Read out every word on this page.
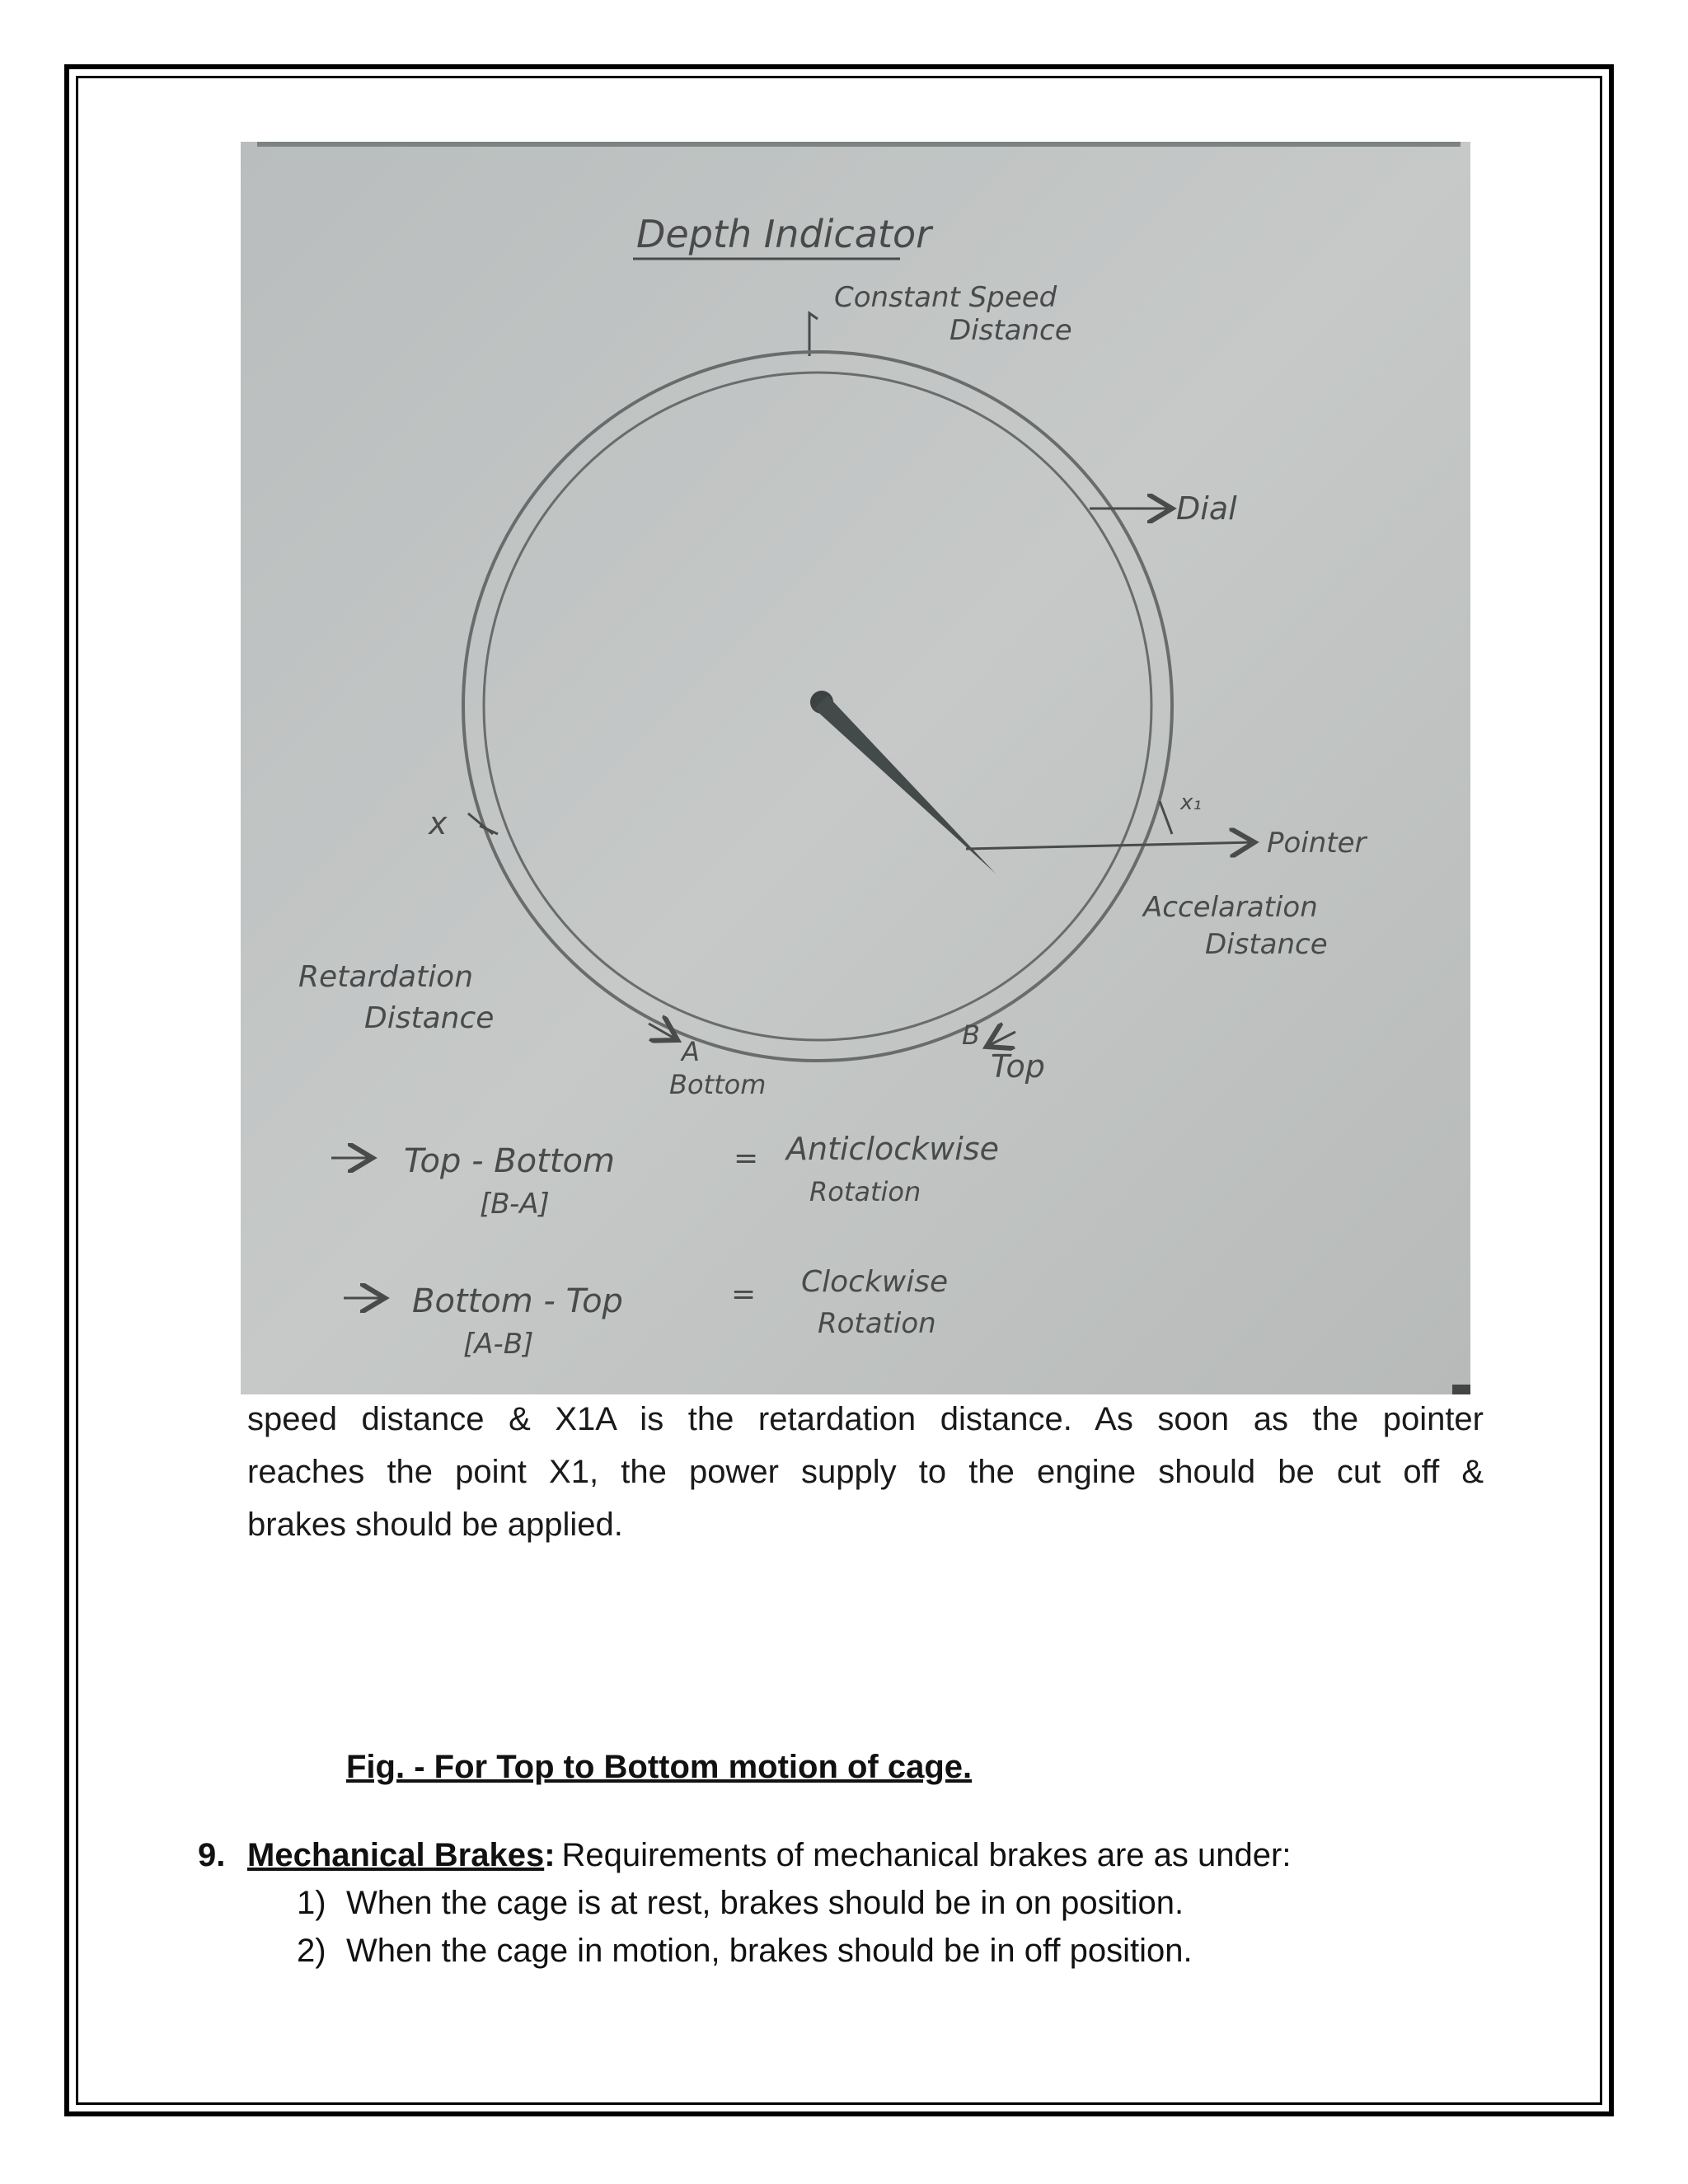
Depth Indicator
Constant Speed
Distance
Dial
Pointer
x₁
Accelaration
Distance
x
Retardation
Distance
A
Bottom
B
Top
Top - Bottom
[B-A]
= Anticlockwise
Rotation
Bottom - Top
[A-B]
= Clockwise
Rotation
speed distance & X1A is the retardation distance. As soon as the pointer
reaches the point X1, the power supply to the engine should be cut off &
brakes should be applied.
Fig. - For Top to Bottom motion of cage.
9. Mechanical Brakes : Requirements of mechanical brakes are as under:
1) When the cage is at rest, brakes should be in on position.
2) When the cage in motion, brakes should be in off position.
